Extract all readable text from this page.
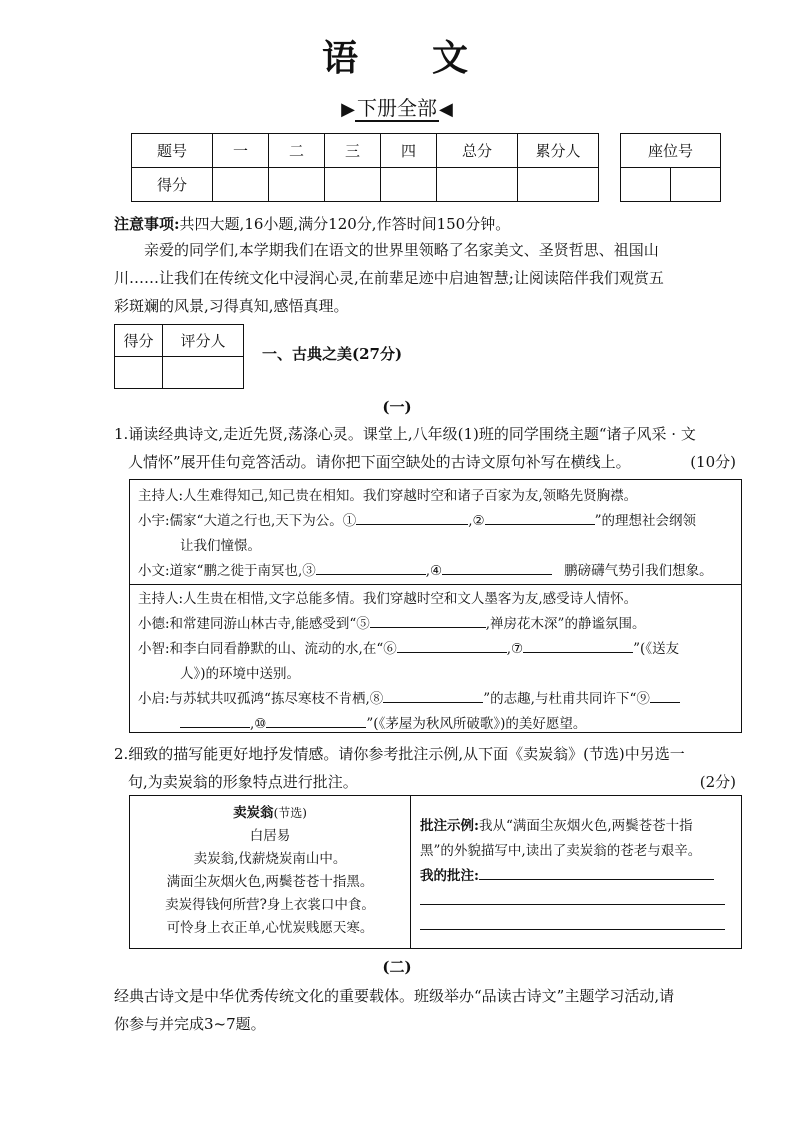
语 文
▶ 下册全部 ◀
题号	一	二	三	四	总分	累分人
得分						
座位号

注意事项:共四大题,16小题,满分120分,作答时间150分钟。
亲爱的同学们,本学期我们在语文的世界里领略了名家美文、圣贤哲思、祖国山
川……让我们在传统文化中浸润心灵,在前辈足迹中启迪智慧;让阅读陪伴我们观赏五
彩斑斓的风景,习得真知,感悟真理。
得分	评分人

一、古典之美(27分)
(一)
1.诵读经典诗文,走近先贤,荡涤心灵。课堂上,八年级(1)班的同学围绕主题“诸子风采 · 文
人情怀”展开佳句竞答活动。请你把下面空缺处的古诗文原句补写在横线上。	(10分)
主持人:人生难得知己,知己贵在相知。我们穿越时空和诸子百家为友,领略先贤胸襟。
小宇:儒家“大道之行也,天下为公。①	,②	”的理想社会纲领
让我们憧憬。
小文:道家“鹏之徙于南冥也,③	,④	鹏磅礴气势引我们想象。
主持人:人生贵在相惜,文字总能多情。我们穿越时空和文人墨客为友,感受诗人情怀。
小德:和常建同游山林古寺,能感受到“⑤	,禅房花木深”的静谧氛围。
小智:和李白同看静默的山、流动的水,在“⑥	,⑦	”(《送友
人》)的环境中送别。
小启:与苏轼共叹孤鸿“拣尽寒枝不肯栖,⑧	”的志趣,与杜甫共同许下“⑨
,⑩	”(《茅屋为秋风所破歌》)的美好愿望。
2.细致的描写能更好地抒发情感。请你参考批注示例,从下面《卖炭翁》(节选)中另选一
句,为卖炭翁的形象特点进行批注。	(2分)
卖炭翁(节选)
白居易
卖炭翁,伐薪烧炭南山中。
满面尘灰烟火色,两鬓苍苍十指黑。
卖炭得钱何所营?身上衣裳口中食。
可怜身上衣正单,心忧炭贱愿天寒。
批注示例:我从“满面尘灰烟火色,两鬓苍苍十指
黑”的外貌描写中,读出了卖炭翁的苍老与艰辛。
我的批注:
(二)
经典古诗文是中华优秀传统文化的重要载体。班级举办“品读古诗文”主题学习活动,请
你参与并完成3~7题。
